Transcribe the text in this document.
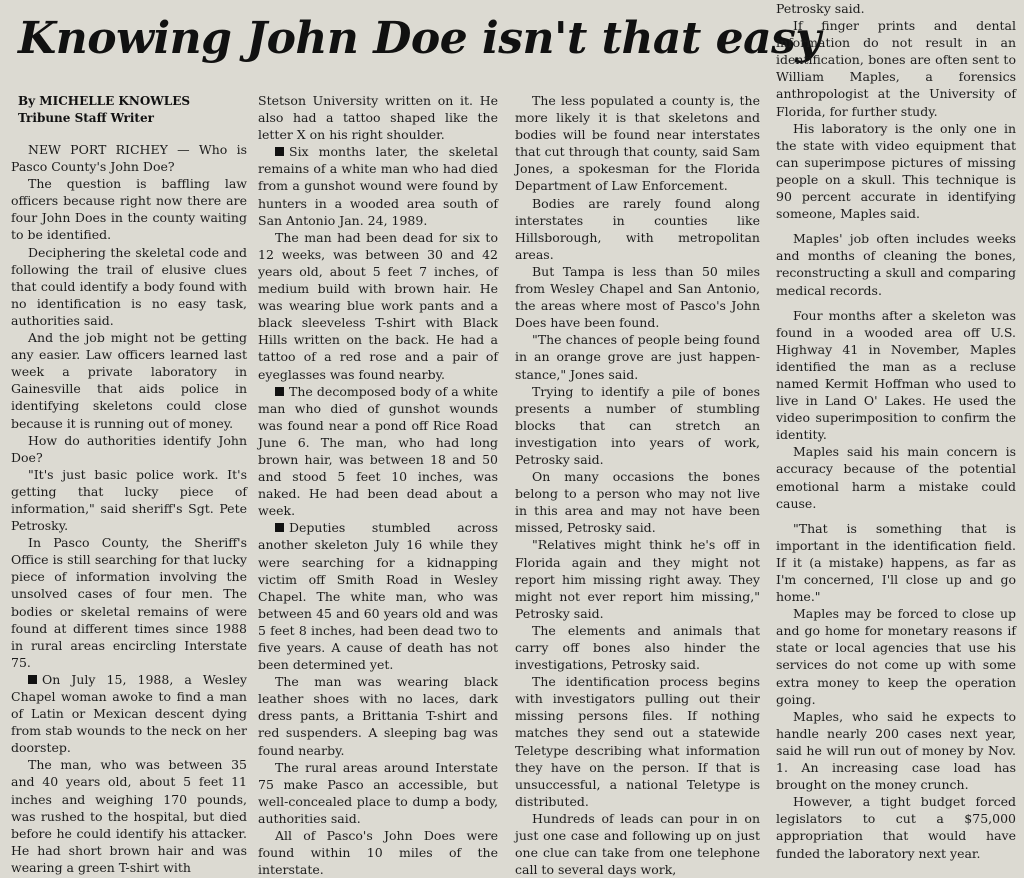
Knowing John Doe isn't that easy
By MICHELLE KNOWLES
Tribune Staff Writer

NEW PORT RICHEY — Who is Pasco County's John Doe?

The question is baffling law officers because right now there are four John Does in the county waiting to be identified.

Deciphering the skeletal code and following the trail of elusive clues that could identify a body found with no identification is no easy task, authorities said.

And the job might not be getting any easier. Law officers learned last week a private laboratory in Gainesville that aids police in identifying skeletons could close because it is running out of money.

How do authorities identify John Doe?

"It's just basic police work. It's getting that lucky piece of information," said sheriff's Sgt. Pete Petrosky.

In Pasco County, the Sheriff's Office is still searching for that lucky piece of information involving the unsolved cases of four men. The bodies or skeletal remains of were found at different times since 1988 in rural areas encircling Interstate 75.

On July 15, 1988, a Wesley Chapel woman awoke to find a man of Latin or Mexican descent dying from stab wounds to the neck on her doorstep.

The man, who was between 35 and 40 years old, about 5 feet 11 inches and weighing 170 pounds, was rushed to the hospital, but died before he could identify his attacker. He had short brown hair and was wearing a green T-shirt with

Stetson University written on it. He also had a tattoo shaped like the letter X on his right shoulder.

Six months later, the skeletal remains of a white man who had died from a gunshot wound were found by hunters in a wooded area south of San Antonio Jan. 24, 1989.

The man had been dead for six to 12 weeks, was between 30 and 42 years old, about 5 feet 7 inches, of medium build with brown hair. He was wearing blue work pants and a black sleeveless T-shirt with Black Hills written on the back. He had a tattoo of a red rose and a pair of eyeglasses was found nearby.

The decomposed body of a white man who died of gunshot wounds was found near a pond off Rice Road June 6. The man, who had long brown hair, was between 18 and 50 and stood 5 feet 10 inches, was naked. He had been dead about a week.

Deputies stumbled across another skeleton July 16 while they were searching for a kidnapping victim off Smith Road in Wesley Chapel. The white man, who was between 45 and 60 years old and was 5 feet 8 inches, had been dead two to five years. A cause of death has not been determined yet.

The man was wearing black leather shoes with no laces, dark dress pants, a Brittania T-shirt and red suspenders. A sleeping bag was found nearby.

The rural areas around Interstate 75 make Pasco an accessible, but well-concealed place to dump a body, authorities said.

All of Pasco's John Does were found within 10 miles of the interstate.

The less populated a county is, the more likely it is that skeletons and bodies will be found near interstates that cut through that county, said Sam Jones, a spokesman for the Florida Department of Law Enforcement.

Bodies are rarely found along interstates in counties like Hillsborough, with metropolitan areas.

But Tampa is less than 50 miles from Wesley Chapel and San Antonio, the areas where most of Pasco's John Does have been found.

"The chances of people being found in an orange grove are just happen-stance," Jones said.

Trying to identify a pile of bones presents a number of stumbling blocks that can stretch an investigation into years of work, Petrosky said.

On many occasions the bones belong to a person who may not live in this area and may not have been missed, Petrosky said.

"Relatives might think he's off in Florida again and they might not report him missing right away. They might not ever report him missing," Petrosky said.

The elements and animals that carry off bones also hinder the investigations, Petrosky said.

The identification process begins with investigators pulling out their missing persons files. If nothing matches they send out a statewide Teletype describing what information they have on the person. If that is unsuccessful, a national Teletype is distributed.

Hundreds of leads can pour in on just one case and following up on just one clue can take from one telephone call to several days work,

Petrosky said.

If finger prints and dental information do not result in an identification, bones are often sent to William Maples, a forensics anthropologist at the University of Florida, for further study.

His laboratory is the only one in the state with video equipment that can superimpose pictures of missing people on a skull. This technique is 90 percent accurate in identifying someone, Maples said.

Maples' job often includes weeks and months of cleaning the bones, reconstructing a skull and comparing medical records.

Four months after a skeleton was found in a wooded area off U.S. Highway 41 in November, Maples identified the man as a recluse named Kermit Hoffman who used to live in Land O' Lakes. He used the video superimposition to confirm the identity.

Maples said his main concern is accuracy because of the potential emotional harm a mistake could cause.

"That is something that is important in the identification field. If it (a mistake) happens, as far as I'm concerned, I'll close up and go home."

Maples may be forced to close up and go home for monetary reasons if state or local agencies that use his services do not come up with some extra money to keep the operation going.

Maples, who said he expects to handle nearly 200 cases next year, said he will run out of money by Nov. 1. An increasing case load has brought on the money crunch.

However, a tight budget forced legislators to cut a $75,000 appropriation that would have funded the laboratory next year.
